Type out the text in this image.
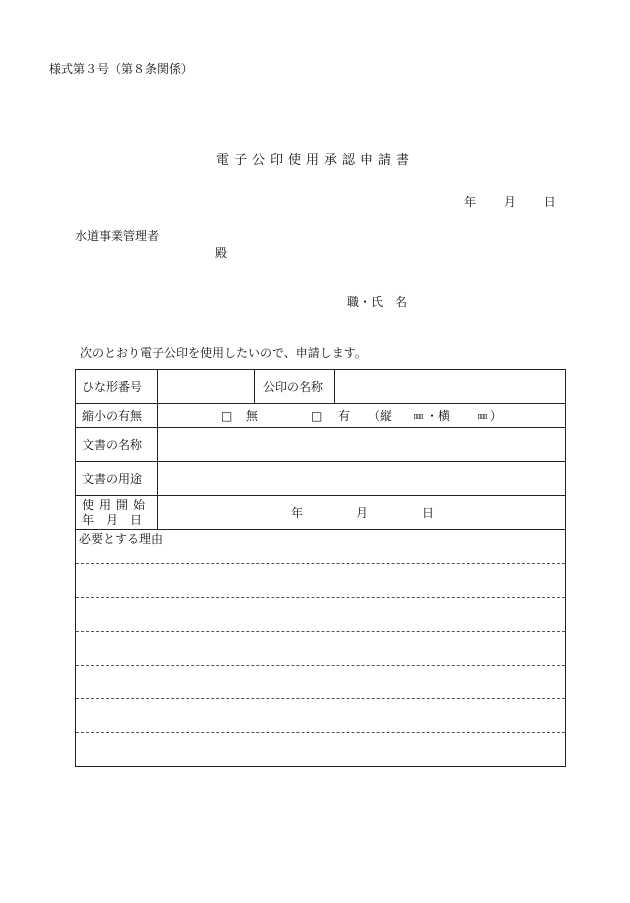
様式第３号（第８条関係）
電子公印使用承認申請書
年 月 日
水道事業管理者
殿
職・氏　名
次のとおり電子公印を使用したいので、申請します。
ひな形番号	公印の名称
縮小の有無	□ 無	□ 有 （縦 ㎜ ・横	㎜ ）
文書の名称
文書の用途
使用開始
年　月　日	年	月	日
必要とする理由
